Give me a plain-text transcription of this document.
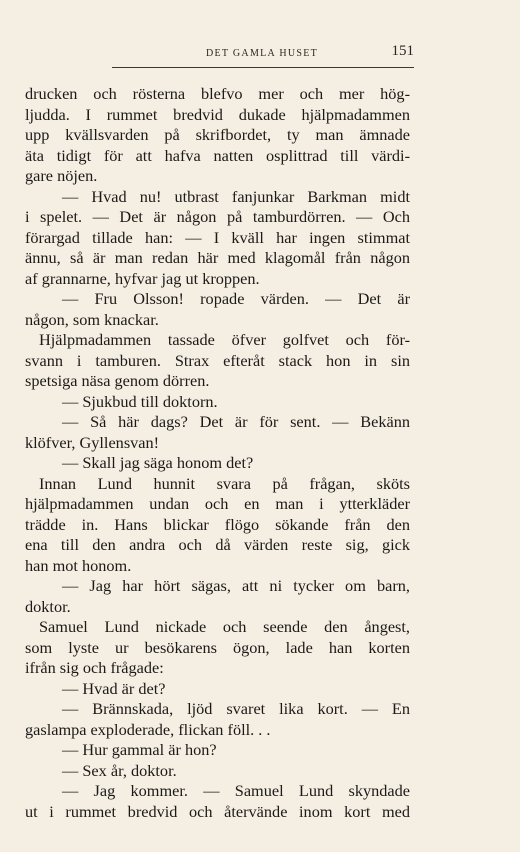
DET GAMLA HUSET	151
drucken och rösterna blefvo mer och mer hög-
ljudda. I rummet bredvid dukade hjälpmadammen
upp kvällsvarden på skrifbordet, ty man ämnade
äta tidigt för att hafva natten osplittrad till värdi-
gare nöjen.
— Hvad nu! utbrast fanjunkar Barkman midt
i spelet. — Det är någon på tamburdörren. — Och
förargad tillade han: — I kväll har ingen stimmat
ännu, så är man redan här med klagomål från någon
af grannarne, hyfvar jag ut kroppen.
— Fru Olsson! ropade värden. — Det är
någon, som knackar.
Hjälpmadammen tassade öfver golfvet och för-
svann i tamburen. Strax efteråt stack hon in sin
spetsiga näsa genom dörren.
— Sjukbud till doktorn.
— Så här dags? Det är för sent. — Bekänn
klöfver, Gyllensvan!
— Skall jag säga honom det?
Innan Lund hunnit svara på frågan, sköts
hjälpmadammen undan och en man i ytterkläder
trädde in. Hans blickar flögo sökande från den
ena till den andra och då värden reste sig, gick
han mot honom.
— Jag har hört sägas, att ni tycker om barn,
doktor.
Samuel Lund nickade och seende den ångest,
som lyste ur besökarens ögon, lade han korten
ifrån sig och frågade:
— Hvad är det?
— Brännskada, ljöd svaret lika kort. — En
gaslampa exploderade, flickan föll. . .
— Hur gammal är hon?
— Sex år, doktor.
— Jag kommer. — Samuel Lund skyndade
ut i rummet bredvid och återvände inom kort med
